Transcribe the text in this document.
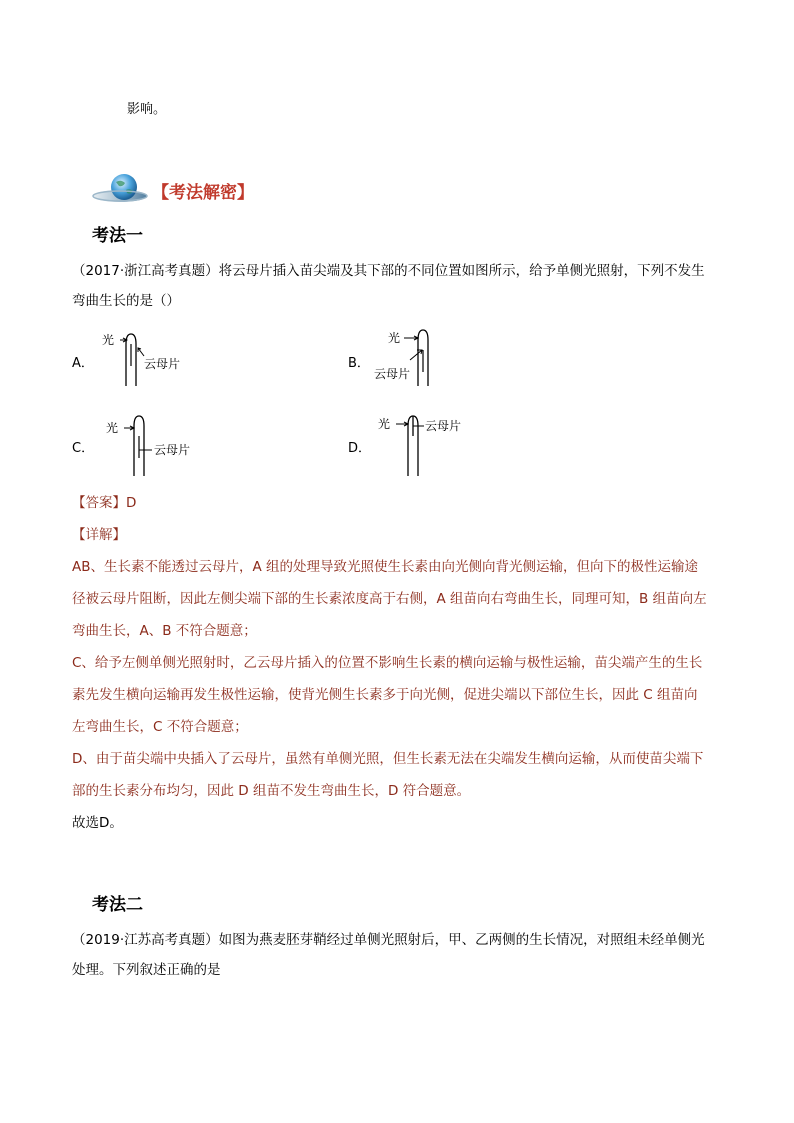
影响。
【考法解密】
考法一
（2017·浙江高考真题）将云母片插入苗尖端及其下部的不同位置如图所示，给予单侧光照射，下列不发生
弯曲生长的是（）
A．
光
云母片	B．
光
云母片
C．
光
云母片	D．
光	云母片
【答案】D
【详解】
AB、生长素不能透过云母片，A 组的处理导致光照使生长素由向光侧向背光侧运输，但向下的极性运输途
径被云母片阻断，因此左侧尖端下部的生长素浓度高于右侧，A 组苗向右弯曲生长，同理可知，B 组苗向左
弯曲生长，A、B 不符合题意；
C、给予左侧单侧光照射时，乙云母片插入的位置不影响生长素的横向运输与极性运输，苗尖端产生的生长
素先发生横向运输再发生极性运输，使背光侧生长素多于向光侧，促进尖端以下部位生长，因此 C 组苗向
左弯曲生长，C 不符合题意；
D、由于苗尖端中央插入了云母片，虽然有单侧光照，但生长素无法在尖端发生横向运输，从而使苗尖端下
部的生长素分布均匀，因此 D 组苗不发生弯曲生长，D 符合题意。
故选D。
考法二
（2019·江苏高考真题）如图为燕麦胚芽鞘经过单侧光照射后，甲、乙两侧的生长情况，对照组未经单侧光
处理。下列叙述正确的是
